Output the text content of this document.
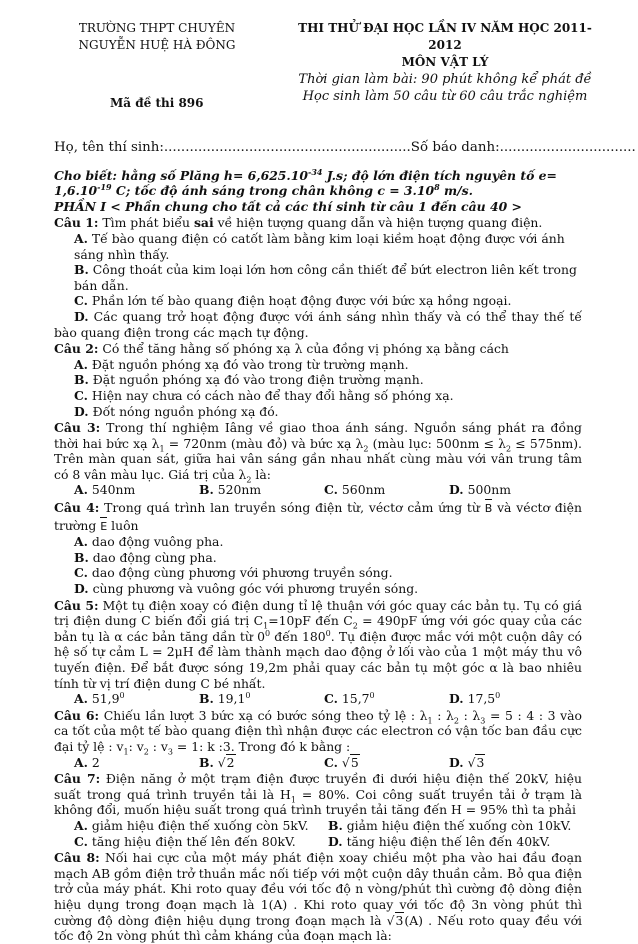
TRƯỜNG THPT CHUYÊN
NGUYỄN HUỆ HÀ ĐÔNG
Mã đề thi 896
THI THỬ ĐẠI HỌC LẦN IV NĂM HỌC 2011-2012
MÔN VẬT LÝ
Thời gian làm bài: 90 phút không kể phát đề
Học sinh làm 50 câu từ 60 câu trắc nghiệm
Họ, tên thí sinh:..........................................................Số báo danh:................................
Cho biết: hằng số Plăng $h= 6,625.10^{-34}$ J.s; độ lớn điện tích nguyên tố $e= 1,6.10^{-19}$ C; tốc độ ánh sáng trong chân không $c = 3.10^8$ m/s.
PHẦN I < Phần chung cho tất cả các thí sinh từ câu 1 đến câu 40 >
Câu 1: Tìm phát biểu sai về hiện tượng quang dẫn và hiện tượng quang điện.
A. Tế bào quang điện có catốt làm bằng kim loại kiềm hoạt động được với ánh sáng nhìn thấy.
B. Công thoát của kim loại lớn hơn công cần thiết để bứt electron liên kết trong bán dẫn.
C. Phần lớn tế bào quang điện hoạt động được với bức xạ hồng ngoại.
D. Các quang trở hoạt động được với ánh sáng nhìn thấy và có thể thay thế tế bào quang điện trong các mạch tự động.
Câu 2: Có thể tăng hằng số phóng xạ λ của đồng vị phóng xạ bằng cách
A. Đặt nguồn phóng xạ đó vào trong từ trường mạnh.
B. Đặt nguồn phóng xạ đó vào trong điện trường mạnh.
C. Hiện nay chưa có cách nào để thay đổi hằng số phóng xạ.
D. Đốt nóng nguồn phóng xạ đó.
Câu 3: Trong thí nghiệm Iâng về giao thoa ánh sáng. Nguồn sáng phát ra đồng thời hai bức xạ $\lambda_1 = 720nm$ (màu đỏ) và bức xạ $\lambda_2$ (màu lục: $500nm \le \lambda_2 \le 575nm$). Trên màn quan sát, giữa hai vân sáng gần nhau nhất cùng màu với vân trung tâm có 8 vân màu lục. Giá trị của $\lambda_2$ là:
A. 540nm	B. 520nm	C. 560nm	D. 500nm
Câu 4: Trong quá trình lan truyền sóng điện từ, véctơ cảm ứng từ B và véctơ điện trường E luôn
A. dao động vuông pha.
B. dao động cùng pha.
C. dao động cùng phương với phương truyền sóng.
D. cùng phương và vuông góc với phương truyền sóng.
Câu 5: Một tụ điện xoay có điện dung tỉ lệ thuận với góc quay các bản tụ. Tụ có giá trị điện dung C biến đổi giá trị $C_1=10pF$ đến $C_2 = 490pF$ ứng với góc quay của các bản tụ là α các bản tăng dần từ $0^0$ đến $180^0$. Tụ điện được mắc với một cuộn dây có hệ số tự cảm L = 2μH để làm thành mạch dao động ở lối vào của 1 một máy thu vô tuyến điện. Để bắt được sóng 19,2m phải quay các bản tụ một góc α là bao nhiêu tính từ vị trí điện dung C bé nhất.
A. 51,9$^0$	B. 19,1$^0$	C. 15,7$^0$	D. 17,5$^0$
Câu 6: Chiếu lần lượt 3 bức xạ có bước sóng theo tỷ lệ : $\lambda_1$ : $\lambda_2$ : $\lambda_3 = 5$ : 4 : 3 vào ca tốt của một tế bào quang điện thì nhận được các electron có vận tốc ban đầu cực đại tỷ lệ : $v_1$: $v_2$ : $v_3 = 1$: k :3. Trong đó k bằng :
A. 2	B. √2	C. √5	D. √3
Câu 7: Điện năng ở một trạm điện được truyền đi dưới hiệu điện thế 20kV, hiệu suất trong quá trình truyền tải là $H_1 = 80\%$. Coi công suất truyền tải ở trạm là không đổi, muốn hiệu suất trong quá trình truyền tải tăng đến H = 95% thì ta phải
A. giảm hiệu điện thế xuống còn 5kV.	B. giảm hiệu điện thế xuống còn 10kV.
C. tăng hiệu điện thế lên đến 80kV.	D. tăng hiệu điện thế lên đến 40kV.
Câu 8: Nối hai cực của một máy phát điện xoay chiều một pha vào hai đầu đoạn mạch AB gồm điện trở thuần mắc nối tiếp với một cuộn dây thuần cảm. Bỏ qua điện trở của máy phát. Khi roto quay đều với tốc độ n vòng/phút thì cường độ dòng điện hiệu dụng trong đoạn mạch là 1(A) . Khi roto quay với tốc độ 3n vòng phút thì cường độ dòng điện hiệu dụng trong đoạn mạch là √3(A) . Nếu roto quay đều với tốc độ 2n vòng phút thì cảm kháng của đoạn mạch là:
